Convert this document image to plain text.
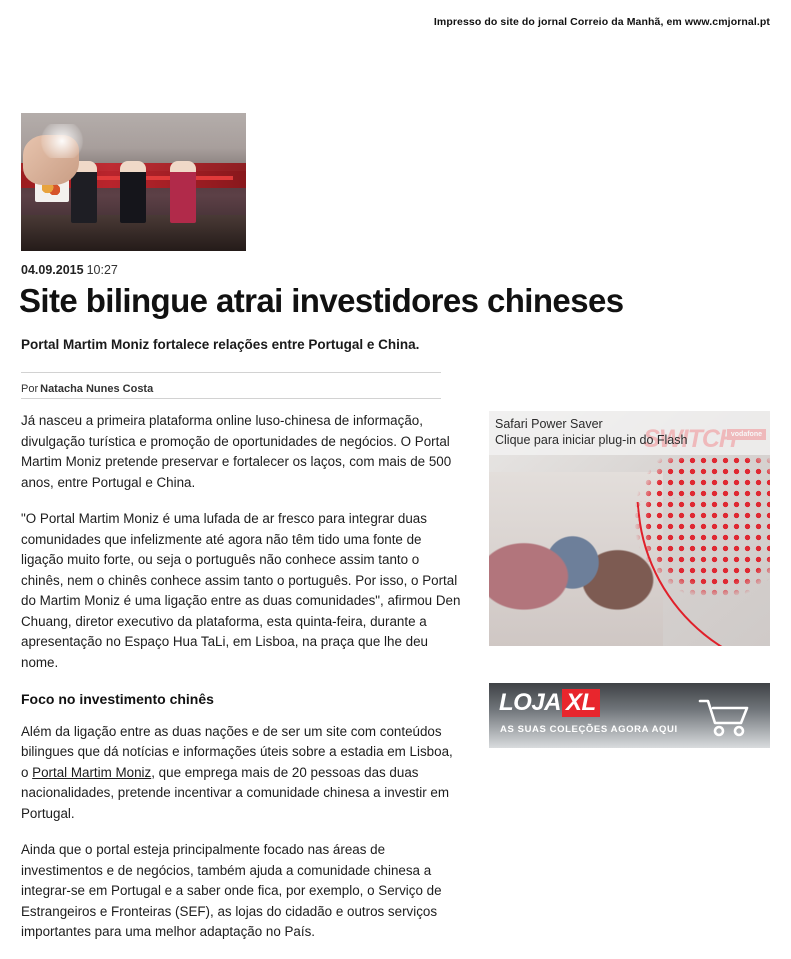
Impresso do site do jornal Correio da Manhã, em www.cmjornal.pt
04.09.2015 10:27
Site bilingue atrai investidores chineses
Portal Martim Moniz fortalece relações entre Portugal e China.
Por Natacha Nunes Costa

Já nasceu a primeira plataforma online luso-chinesa de informação, divulgação turística e promoção de oportunidades de negócios. O Portal Martim Moniz pretende preservar e fortalecer os laços, com mais de 500 anos, entre Portugal e China.

"O Portal Martim Moniz é uma lufada de ar fresco para integrar duas comunidades que infelizmente até agora não têm tido uma fonte de ligação muito forte, ou seja o português não conhece assim tanto o chinês, nem o chinês conhece assim tanto o português. Por isso, o Portal do Martim Moniz é uma ligação entre as duas comunidades", afirmou Den Chuang, diretor executivo da plataforma, esta quinta-feira, durante a apresentação no Espaço Hua TaLi, em Lisboa, na praça que lhe deu nome.

Foco no investimento chinês

Além da ligação entre as duas nações e de ser um site com conteúdos bilingues que dá notícias e informações úteis sobre a estadia em Lisboa, o Portal Martim Moniz, que emprega mais de 20 pessoas das duas nacionalidades, pretende incentivar a comunidade chinesa a investir em Portugal.

Ainda que o portal esteja principalmente focado nas áreas de investimentos e de negócios, também ajuda a comunidade chinesa a integrar-se em Portugal e a saber onde fica, por exemplo, o Serviço de Estrangeiros e Fronteiras (SEF), as lojas do cidadão e outros serviços importantes para uma melhor adaptação no País.

Safari Power Saver
Clique para iniciar plug-in do Flash
LOJA XL
AS SUAS COLEÇÕES AGORA AQUI
